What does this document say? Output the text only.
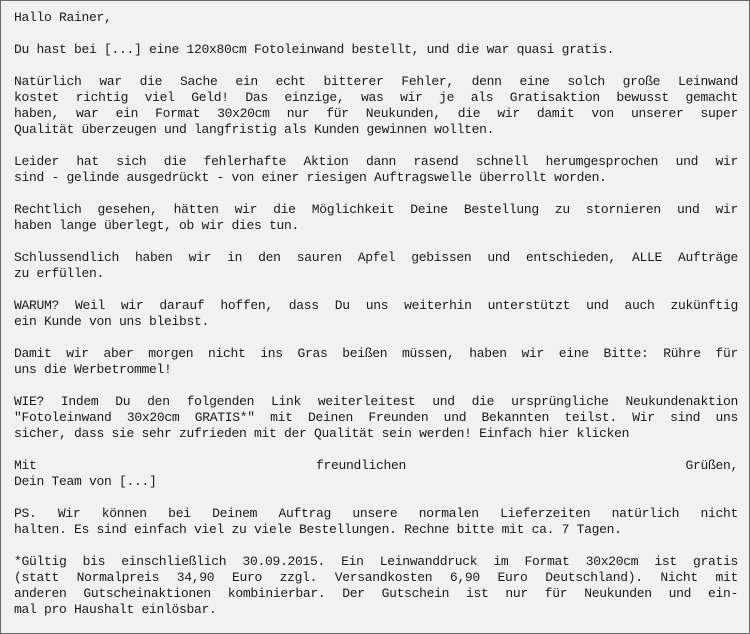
Hallo Rainer,
Du hast bei [...] eine 120x80cm Fotoleinwand bestellt, und die war quasi gratis.
Natürlich war die Sache ein echt bitterer Fehler, denn eine solch große Leinwand
kostet richtig viel Geld! Das einzige, was wir je als Gratisaktion bewusst gemacht
haben, war ein Format 30x20cm nur für Neukunden, die wir damit von unserer super
Qualität überzeugen und langfristig als Kunden gewinnen wollten.
Leider hat sich die fehlerhafte Aktion dann rasend schnell herumgesprochen und wir
sind - gelinde ausgedrückt - von einer riesigen Auftragswelle überrollt worden.
Rechtlich gesehen, hätten wir die Möglichkeit Deine Bestellung zu stornieren und wir
haben lange überlegt, ob wir dies tun.
Schlussendlich haben wir in den sauren Apfel gebissen und entschieden, ALLE Aufträge
zu erfüllen.
WARUM? Weil wir darauf hoffen, dass Du uns weiterhin unterstützt und auch zukünftig
ein Kunde von uns bleibst.
Damit wir aber morgen nicht ins Gras beißen müssen, haben wir eine Bitte: Rühre für
uns die Werbetrommel!
WIE? Indem Du den folgenden Link weiterleitest und die ursprüngliche Neukundenaktion
"Fotoleinwand 30x20cm GRATIS*" mit Deinen Freunden und Bekannten teilst. Wir sind uns
sicher, dass sie sehr zufrieden mit der Qualität sein werden! Einfach hier klicken
Mit freundlichen Grüßen,
Dein Team von [...]
PS. Wir können bei Deinem Auftrag unsere normalen Lieferzeiten natürlich nicht
halten. Es sind einfach viel zu viele Bestellungen. Rechne bitte mit ca. 7 Tagen.
*Gültig bis einschließlich 30.09.2015. Ein Leinwanddruck im Format 30x20cm ist gratis
(statt Normalpreis 34,90 Euro zzgl. Versandkosten 6,90 Euro Deutschland). Nicht mit
anderen Gutscheinaktionen kombinierbar. Der Gutschein ist nur für Neukunden und ein-
mal pro Haushalt einlösbar.
